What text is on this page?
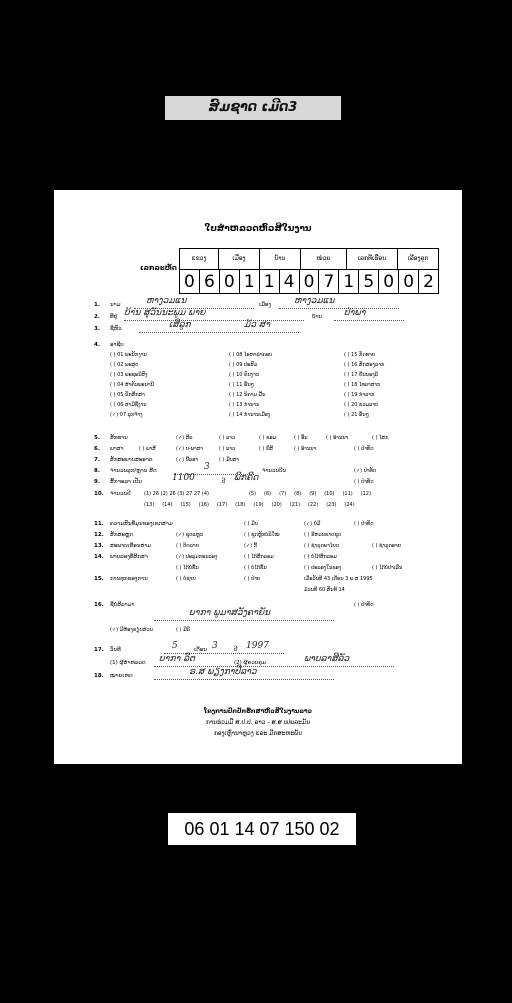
ສົມຊາດ ເມີດ3
ໃບສຳຫລວດຫົວສີໃນງານ
ເລກລະຫັດ
ແຂວງ	ເມືອງ	ບ້ານ	ໜ່ວຍ	ເລກທີເຮືອນ	ເລີອງລຸກ
0 6 0 1 1 4 0 7 1 5 0 0 2
1. ນາມ	ຫາງວມແນ	ເມືອງ	ຫາງວມແນ
2. ທີ່ຢູ່ ບ້ານ ສຸວັນນະພູມ ພາຍ	ບ້ານ ປ່າພາ
3. ຊື່ຫົວ	ເສີລູກ	ມ້ວ ສາ
4. ອາຊີບ
( ) 01 ພະນັກງານ
( ) 02 ພະສູດ
( ) 03 ພະຊະນິສົງ
( ) 04 ສຳຄັນພອນານີ
( ) 05 ນັກສຶກສາ
( ) 06 ສາມີຊື່ງານ
(✓) 07 ລູກຈ້າງ
( ) 08 ໄອຫາລຳຄອບ
( ) 09 ປະສົມ
( ) 10 ຄົນງານ
( ) 11 ອື່ນໆ
( ) 12 ນິຄາມ ມື້ນ
( ) 13 ກຳນານ
( ) 14 ກຳນານເມືອງ
( ) 15 ກັດທາຍ
( ) 16 ສັກສອງລາກ
( ) 17 ຢືນນອງລີ
( ) 18 ໄທລາສາກ
( ) 19 ກຳລາກ
( ) 20 ຂວມລາບ
( ) 21 ອື່ນໆ
5. ສັກທານ	(✓) ສີລ	( ) ລາວ	( ) ຂອມ	( ) ອື່ນ	( ) ອ້ານນາ	( ) ໄສກ
6. ພາສາ	( ) ພາສີ	(✓) ບ-ພາສາ	( ) ລາວ	( ) ພຶສີ	( ) ອ້ານນາ	( ) ປ່າທັດ
7. ສັກສະພາບສະອາດ	(✓) ນີ້ລອາ	( ) ມີບສາ
8. ຈຳນວນລູກ/ຫຼານ ສີດ	3	ຈຳນວນບີນ	(✓) ປ່າທັດ
9. ສົ້ກຈະລາ ເປັນ	1100	ປີ ພິກຄິດ	( ) ປ່າທັດ
10. ຈຳນວນປີ	(1) 26 (2) 26 (3) 27 27 (4)	(5) (6) (7) (8) (9) (10) (11) (12)
(13) (14) (15) (16) (17) (18) (19) (20) (21) (22) (23) (24)
11. ຄວາມສົນທີ່ມູນຂອງເຂດສາມ	( ) ມີບ	(✓) ບໍ່ມີ	( ) ປ່າທັດ
12. ສັກສະຫຼຸດ	(✓) ຊຸດແຫຼນ	( ) ຊຸດຫຼັກບໍລິໃໝ່	( ) ຮີຫວນຂາດຊຸດ
13. ສະພາບເຮືອນສາມ	( ) ຕິດລາຍ	(✓) ກີ້	( ) ຊຳລຸດພາໄຍດ	( ) ຊຳລຸດອາຍ
14. ພາບລອງທີ່ສິກສາ	(✓) ປະລຸມກອນລອງ	( ) ໄດ້ສຶກລອມ	( ) ບໍ່ໄດ້ສຶກລອມ
( ) ໄດ້ບໍ່ຂຶ້ນ	( ) ບໍ່ໄດ້ຂຶ້ນ	( ) ປະລອງໃນຂອງ	( ) ໄດ້ບໍ່ປາເລີ່ນ
15. ການທຸກຂອງການ	( ) ບໍ່ຊ່າຍ	( ) ປ່າຍ	ເມື່ອວັນທີ 43 ເດືອນ 3 ພ.ສ 1995
ມ້ວນທີ 60 ສັນທີ 14
16. ຊື່ບໍ່ສີລາມາ	( ) ປ່າທັດ
ບາກາ ພູມາສວັງຄາຍັນ
(✓) ມີຫ້ອງຮຽນສ່ວນ	( ) ມີລີ
17. ວັນທີ	5	ເດືອນ 3	ປີ 1997
(1) ຜູ້ສຳຫລວດ ບາກາ ລິຕ	(2) ຜູ້ຄວບຄຸມ	ພາບລາສີລັວ
18. ໝາຍເຫດ	ຣ.ສ ພຽງກາປີລາວ
ໂຄງການປົກປັກຮັກສາຫົວສີໃນງານລາວ
ການຮ່ວມມື ສ.ປ.ປ. ລາວ - ສ.ສ ເຢຍລະມັນ
ກອງເຫຼົ່ານາຫຼວງ ແລະ ມີກສະຫະພັນ
06 01 14 07 150 02
